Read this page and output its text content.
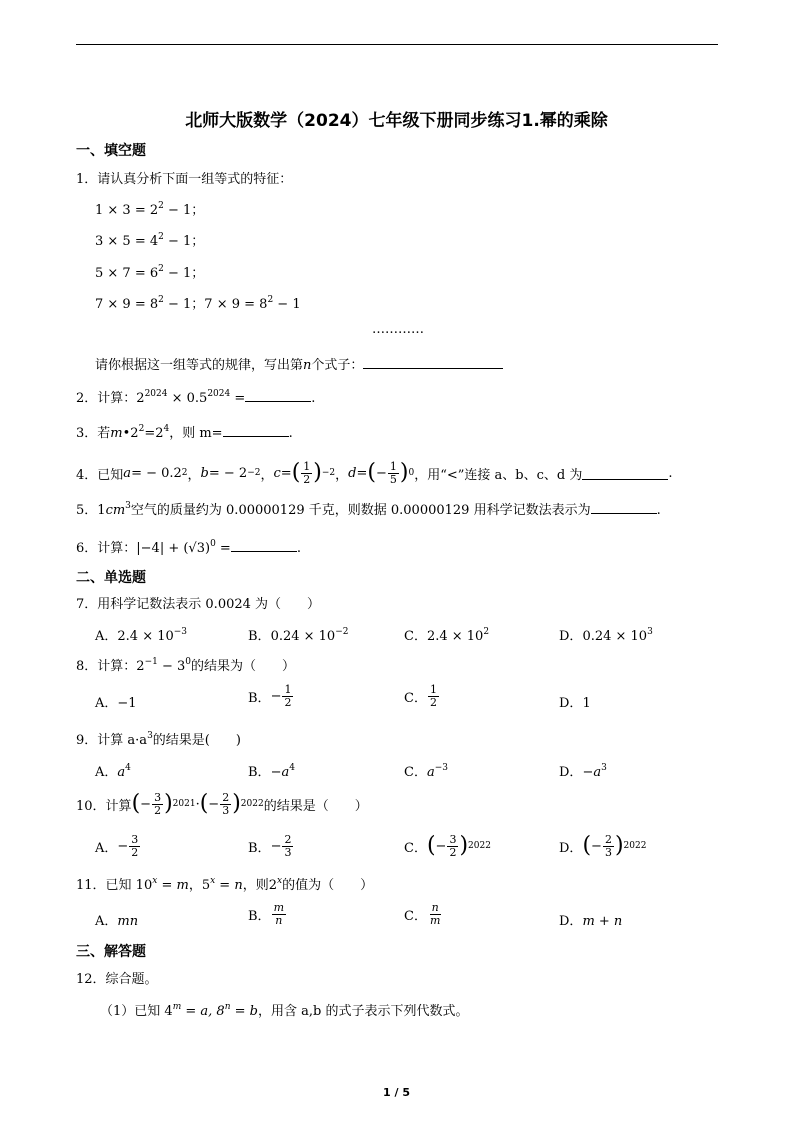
北师大版数学（2024）七年级下册同步练习1.幂的乘除
一、填空题
1．请认真分析下面一组等式的特征：
$1 \times 3 = 2^2 - 1$；
$3 \times 5 = 4^2 - 1$；
$5 \times 7 = 6^2 - 1$；
$7 \times 9 = 8^2 - 1$；$7 \times 9 = 8^2 - 1$
…………
请你根据这一组等式的规律，写出第n个式子：
2．计算：$2^{2024} \times 0.5^{2024}$ =	.
3．若$m•2^2=2^4$，则 m=	.
4． 已知 a = − 0.2 2 ， b = − 2 −2 ， c = ( $\frac{1}{2}$ ) −2 ， d = ( − $\frac{1}{5}$ ) 0 ，用“<”连接 a、b、c、d 为	.
5．$1cm^3$空气的质量约为 0.00000129 千克，则数据 0.00000129 用科学记数法表示为	.
6．计算：$|-4| + (√3)^0$ =	.
二、单选题
7．用科学记数法表示 0.0024 为（　　）
A．$2.4 \times 10^{-3}$	B．$0.24 \times 10^{-2}$	C．$2.4 \times 10^2$	D．$0.24 \times 10^3$
8．计算：$2^{-1} - 3^0$的结果为（　　）
A．−1	B． − $\frac{1}{2}$	C． $\frac{1}{2}$	D．1
9．计算 $a\cdot a^3$的结果是(　　)
A．$a^4$	B．$-a^4$	C．$a^{-3}$	D．$-a^3$
10． 计算 ( − $\frac{3}{2}$ ) 2021 · ( − $\frac{2}{3}$ ) 2022 的结果是（　　）
A． − $\frac{3}{2}$	B． − $\frac{2}{3}$	C． ( − $\frac{3}{2}$ ) 2022	D． ( − $\frac{2}{3}$ ) 2022
11．已知 $10^x = m$，$5^x = n$，则2$^x$的值为（　　）
A．mn	B． $\frac{m}{n}$	C． $\frac{n}{m}$	D．m + n
三、解答题
12．综合题。
（1）已知 $4^m = a$, $8^n = b$，用含 a,b 的式子表示下列代数式。
1 / 5
